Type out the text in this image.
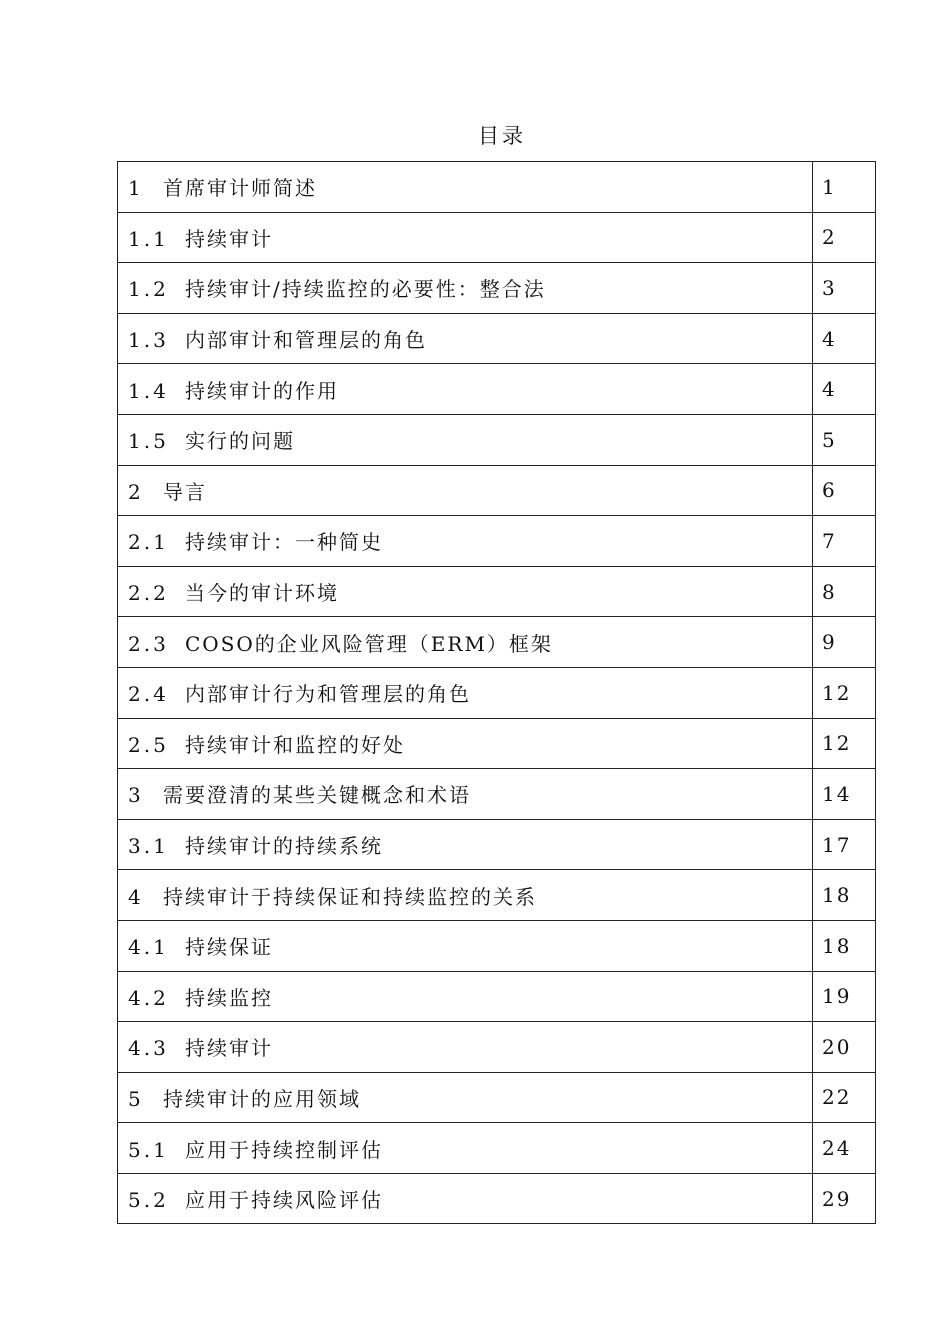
目录
1 首席审计师简述	1
1.1 持续审计	2
1.2 持续审计/持续监控的必要性：整合法	3
1.3 内部审计和管理层的角色	4
1.4 持续审计的作用	4
1.5 实行的问题	5
2 导言	6
2.1 持续审计：一种简史	7
2.2 当今的审计环境	8
2.3 COSO的企业风险管理（ERM）框架	9
2.4 内部审计行为和管理层的角色	12
2.5 持续审计和监控的好处	12
3 需要澄清的某些关键概念和术语	14
3.1 持续审计的持续系统	17
4 持续审计于持续保证和持续监控的关系	18
4.1 持续保证	18
4.2 持续监控	19
4.3 持续审计	20
5 持续审计的应用领域	22
5.1 应用于持续控制评估	24
5.2 应用于持续风险评估	29
